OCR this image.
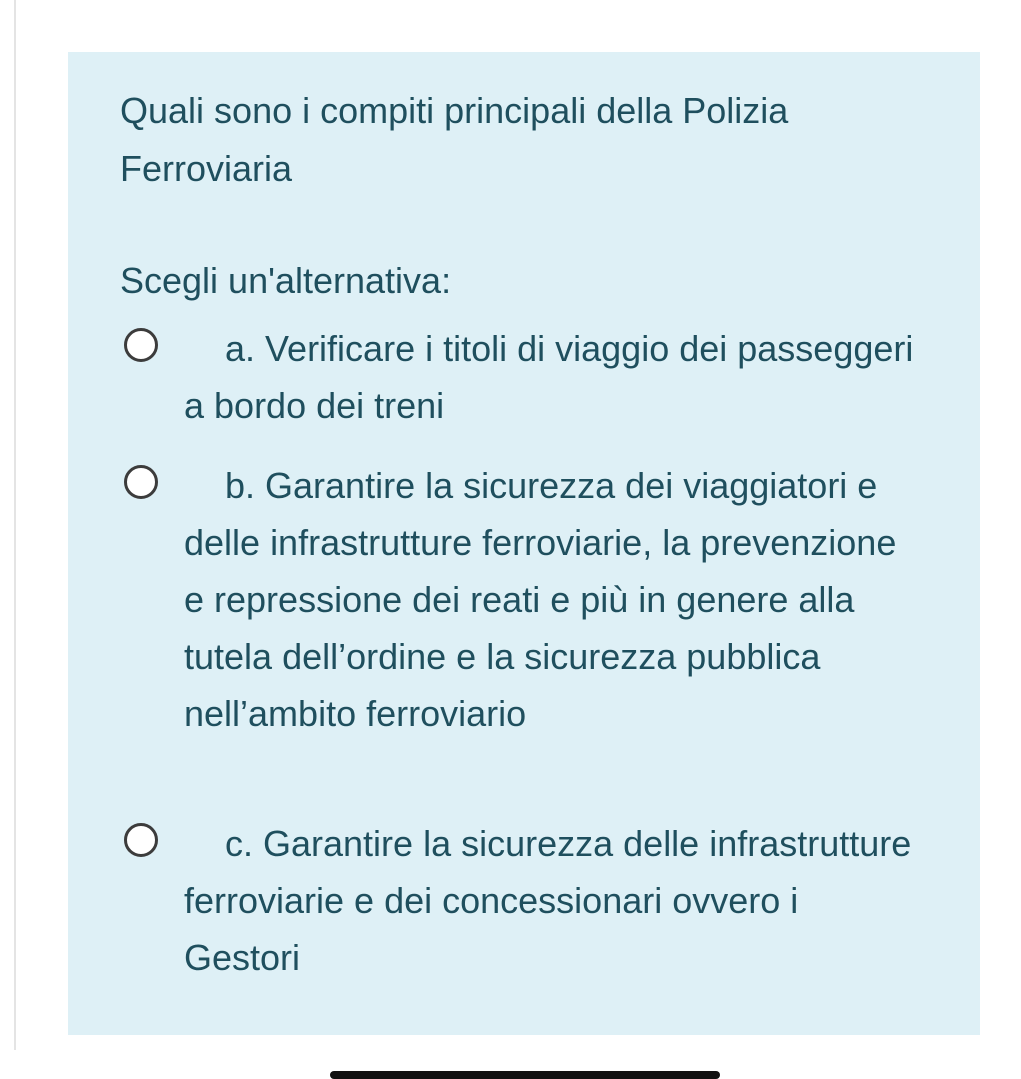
Quali sono i compiti principali della Polizia Ferroviaria

Scegli un'alternativa:

a. Verificare i titoli di viaggio dei passeggeri a bordo dei treni
b. Garantire la sicurezza dei viaggiatori e delle infrastrutture ferroviarie, la prevenzione e repressione dei reati e più in genere alla tutela dell’ordine e la sicurezza pubblica nell’ambito ferroviario
c. Garantire la sicurezza delle infrastrutture ferroviarie e dei concessionari ovvero i Gestori
